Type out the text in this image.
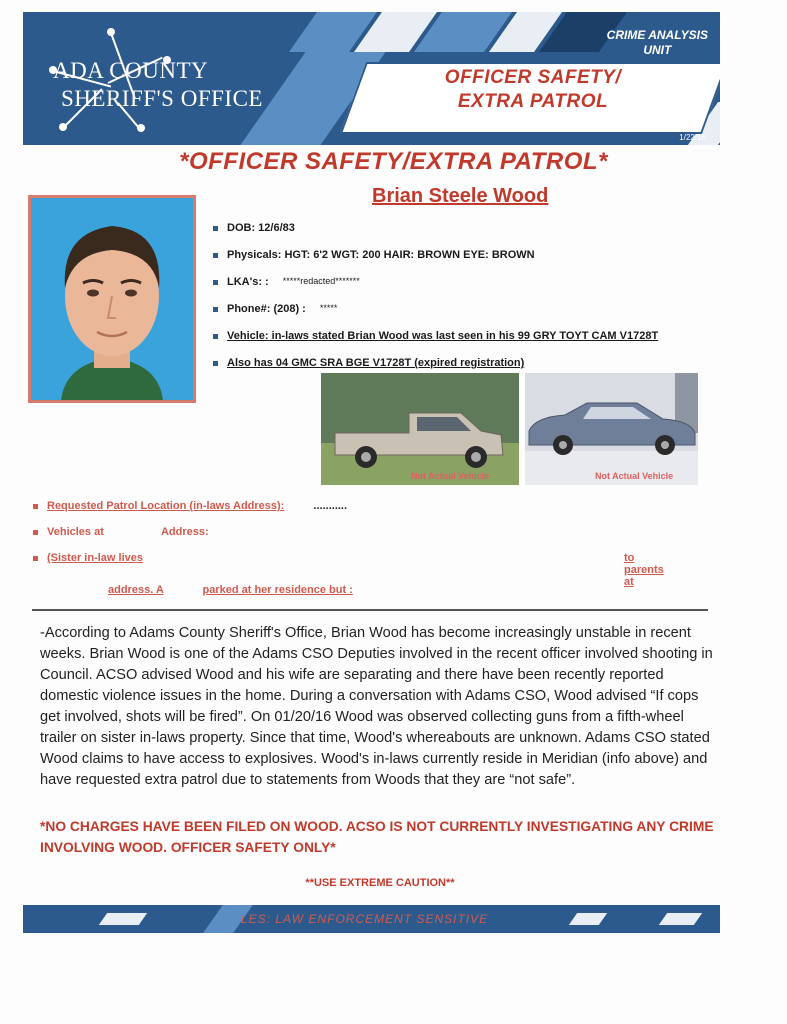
ADA COUNTY
SHERIFF'S OFFICE
CRIME ANALYSIS
UNIT
OFFICER SAFETY/
EXTRA PATROL
LES: Law Enforcement Sensitive
1/22/16
*OFFICER SAFETY/EXTRA PATROL*
Brian Steele Wood
DOB: 12/6/83
Physicals: HGT: 6'2 WGT: 200 HAIR: BROWN EYE: BROWN
LKA's: : *****redacted*******
Phone#: (208) : *****
Vehicle: in-laws stated Brian Wood was last seen in his 99 GRY TOYT CAM V1728T
Also has 04 GMC SRA BGE V1728T (expired registration)
Not Actual Vehicle	Not Actual Vehicle
Requested Patrol Location (in-laws Address):	...........
Vehicles at	Address:
(Sister in-law lives	to parents at
address. A	parked at her residence but :
-According to Adams County Sheriff's Office, Brian Wood has become increasingly unstable in recent weeks. Brian Wood is one of the Adams CSO Deputies involved in the recent officer involved shooting in Council. ACSO advised Wood and his wife are separating and there have been recently reported domestic violence issues in the home. During a conversation with Adams CSO, Wood advised “If cops get involved, shots will be fired”. On 01/20/16 Wood was observed collecting guns from a fifth-wheel trailer on sister in-laws property. Since that time, Wood's whereabouts are unknown. Adams CSO stated Wood claims to have access to explosives. Wood's in-laws currently reside in Meridian (info above) and have requested extra patrol due to statements from Woods that they are “not safe”.
*NO CHARGES HAVE BEEN FILED ON WOOD. ACSO IS NOT CURRENTLY INVESTIGATING ANY CRIME INVOLVING WOOD. OFFICER SAFETY ONLY*
**USE EXTREME CAUTION**
LES: LAW ENFORCEMENT SENSITIVE
